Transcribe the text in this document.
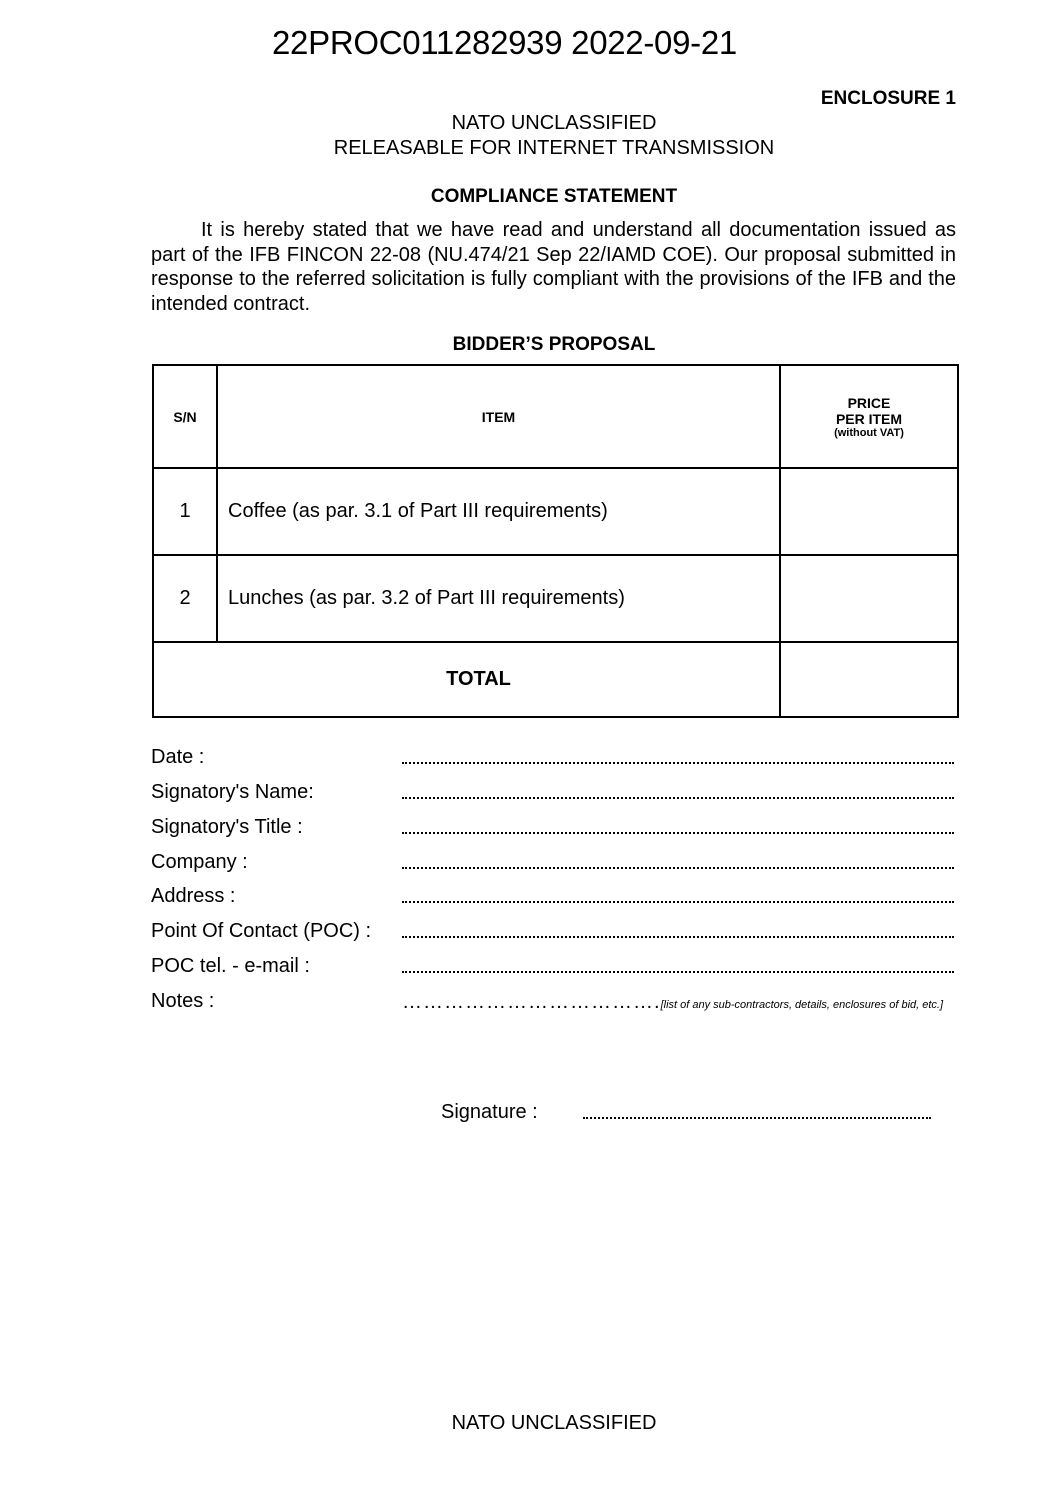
22PROC011282939 2022-09-21
ENCLOSURE 1
NATO UNCLASSIFIED
RELEASABLE FOR INTERNET TRANSMISSION
COMPLIANCE STATEMENT
It is hereby stated that we have read and understand all documentation issued as part of the IFB FINCON 22-08 (NU.474/21 Sep 22/IAMD COE). Our proposal submitted in response to the referred solicitation is fully compliant with the provisions of the IFB and the intended contract.
BIDDER’S PROPOSAL
S/N	ITEM	PRICE
PER ITEM
(without VAT)

1	Coffee (as par. 3.1 of Part III requirements)	
2	Lunches (as par. 3.2 of Part III requirements)	
TOTAL		
Date :
Signatory's Name:
Signatory's Title :
Company :
Address :
Point Of Contact (POC) :
POC tel. - e-mail :
Notes :	……………………………….[list of any sub-contractors, details, enclosures of bid, etc.]
Signature :
NATO UNCLASSIFIED
